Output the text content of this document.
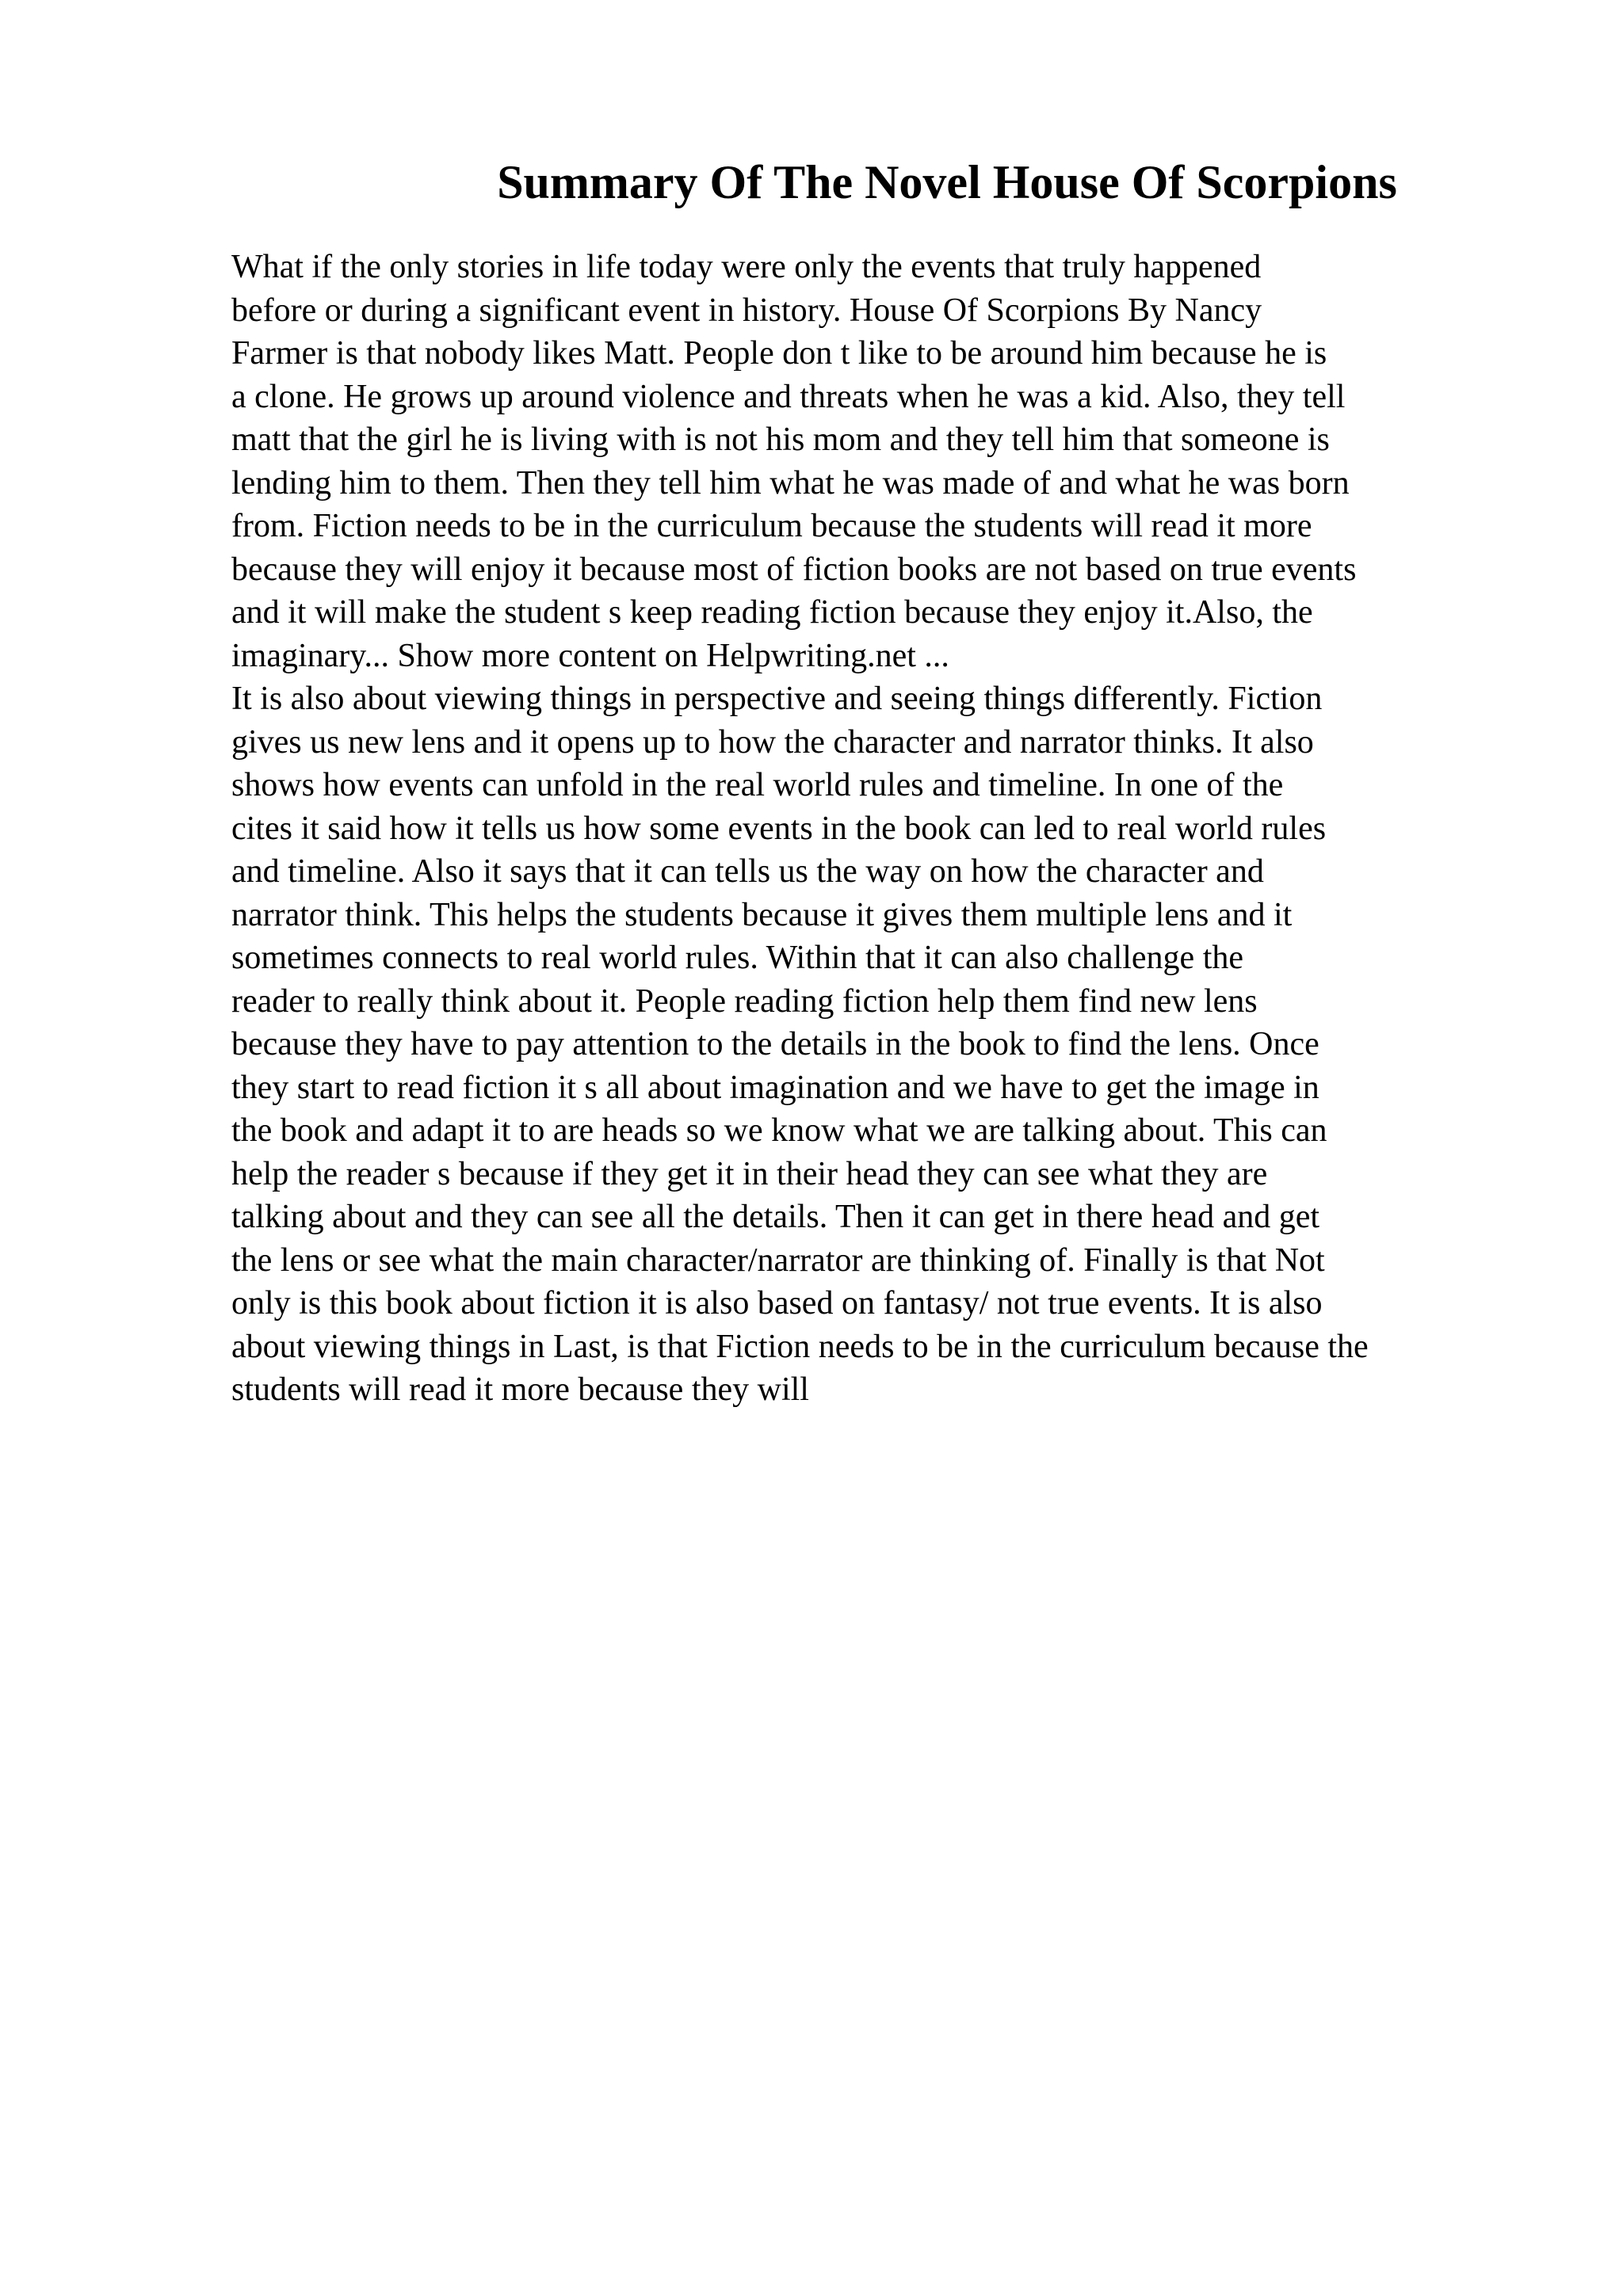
Summary Of The Novel House Of Scorpions
What if the only stories in life today were only the events that truly happened
before or during a significant event in history. House Of Scorpions By Nancy
Farmer is that nobody likes Matt. People don t like to be around him because he is
a clone. He grows up around violence and threats when he was a kid. Also, they tell
matt that the girl he is living with is not his mom and they tell him that someone is
lending him to them. Then they tell him what he was made of and what he was born
from. Fiction needs to be in the curriculum because the students will read it more
because they will enjoy it because most of fiction books are not based on true events
and it will make the student s keep reading fiction because they enjoy it.Also, the
imaginary... Show more content on Helpwriting.net ...
It is also about viewing things in perspective and seeing things differently. Fiction
gives us new lens and it opens up to how the character and narrator thinks. It also
shows how events can unfold in the real world rules and timeline. In one of the
cites it said how it tells us how some events in the book can led to real world rules
and timeline. Also it says that it can tells us the way on how the character and
narrator think. This helps the students because it gives them multiple lens and it
sometimes connects to real world rules. Within that it can also challenge the
reader to really think about it. People reading fiction help them find new lens
because they have to pay attention to the details in the book to find the lens. Once
they start to read fiction it s all about imagination and we have to get the image in
the book and adapt it to are heads so we know what we are talking about. This can
help the reader s because if they get it in their head they can see what they are
talking about and they can see all the details. Then it can get in there head and get
the lens or see what the main character/narrator are thinking of. Finally is that Not
only is this book about fiction it is also based on fantasy/ not true events. It is also
about viewing things in Last, is that Fiction needs to be in the curriculum because the
students will read it more because they will
